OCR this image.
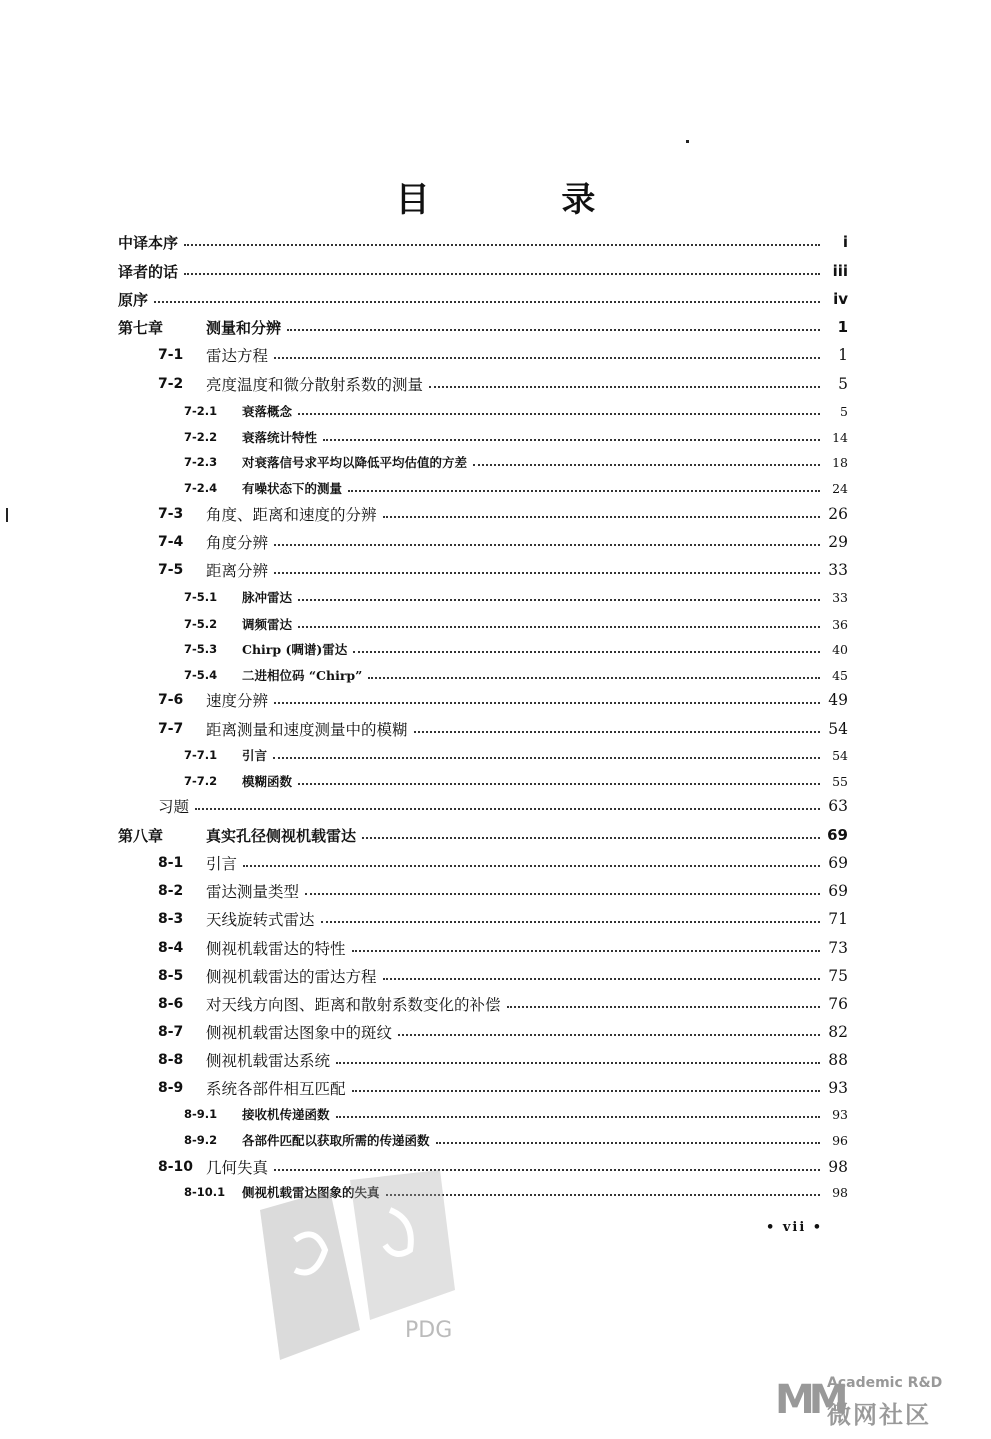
目 录
中译本序	i
译者的话	iii
原序	iv
第七章	测量和分辨	1
7-1	雷达方程	1
7-2	亮度温度和微分散射系数的测量	5
7-2.1	衰落概念	5
7-2.2	衰落统计特性	14
7-2.3	对衰落信号求平均以降低平均估值的方差	18
7-2.4	有噪状态下的测量	24
7-3	角度、距离和速度的分辨	26
7-4	角度分辨	29
7-5	距离分辨	33
7-5.1	脉冲雷达	33
7-5.2	调频雷达	36
7-5.3	Chirp (啁谱)雷达	40
7-5.4	二进相位码 “Chirp”	45
7-6	速度分辨	49
7-7	距离测量和速度测量中的模糊	54
7-7.1	引言	54
7-7.2	模糊函数	55
习题	63
第八章	真实孔径侧视机载雷达	69
8-1	引言	69
8-2	雷达测量类型	69
8-3	天线旋转式雷达	71
8-4	侧视机载雷达的特性	73
8-5	侧视机载雷达的雷达方程	75
8-6	对天线方向图、距离和散射系数变化的补偿	76
8-7	侧视机载雷达图象中的斑纹	82
8-8	侧视机载雷达系统	88
8-9	系统各部件相互匹配	93
8-9.1	接收机传递函数	93
8-9.2	各部件匹配以获取所需的传递函数	96
8-10 几何失真	98
8-10.1	侧视机载雷达图象的失真	98
• vii •
PDG
MM
Academic R&D
微网社区
